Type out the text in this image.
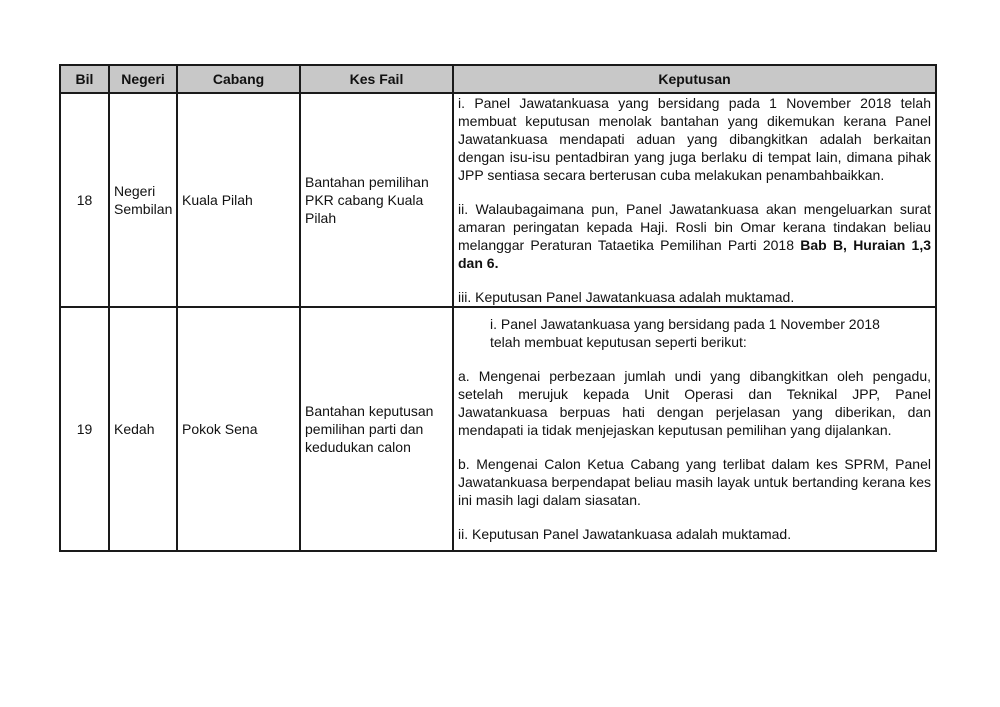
Bil	Negeri	Cabang	Kes Fail	Keputusan
18	Negeri Sembilan	Kuala Pilah	Bantahan pemilihan PKR cabang Kuala Pilah	i. Panel Jawatankuasa yang bersidang pada 1 November 2018 telah membuat keputusan menolak bantahan yang dikemukan kerana Panel Jawatankuasa mendapati aduan yang dibangkitkan adalah berkaitan dengan isu-isu pentadbiran yang juga berlaku di tempat lain, dimana pihak JPP sentiasa secara berterusan cuba melakukan penambahbaikkan.

ii. Walaubagaimana pun, Panel Jawatankuasa akan mengeluarkan surat amaran peringatan kepada Haji. Rosli bin Omar kerana tindakan beliau melanggar Peraturan Tataetika Pemilihan Parti 2018 Bab B, Huraian 1,3 dan 6.

iii. Keputusan Panel Jawatankuasa adalah muktamad.

19	Kedah	Pokok Sena	Bantahan keputusan pemilihan parti dan kedudukan calon	i. Panel Jawatankuasa yang bersidang pada 1 November 2018 telah membuat keputusan seperti berikut:

a. Mengenai perbezaan jumlah undi yang dibangkitkan oleh pengadu, setelah merujuk kepada Unit Operasi dan Teknikal JPP, Panel Jawatankuasa berpuas hati dengan perjelasan yang diberikan, dan mendapati ia tidak menjejaskan keputusan pemilihan yang dijalankan.

b. Mengenai Calon Ketua Cabang yang terlibat dalam kes SPRM, Panel Jawatankuasa berpendapat beliau masih layak untuk bertanding kerana kes ini masih lagi dalam siasatan.

ii. Keputusan Panel Jawatankuasa adalah muktamad.
